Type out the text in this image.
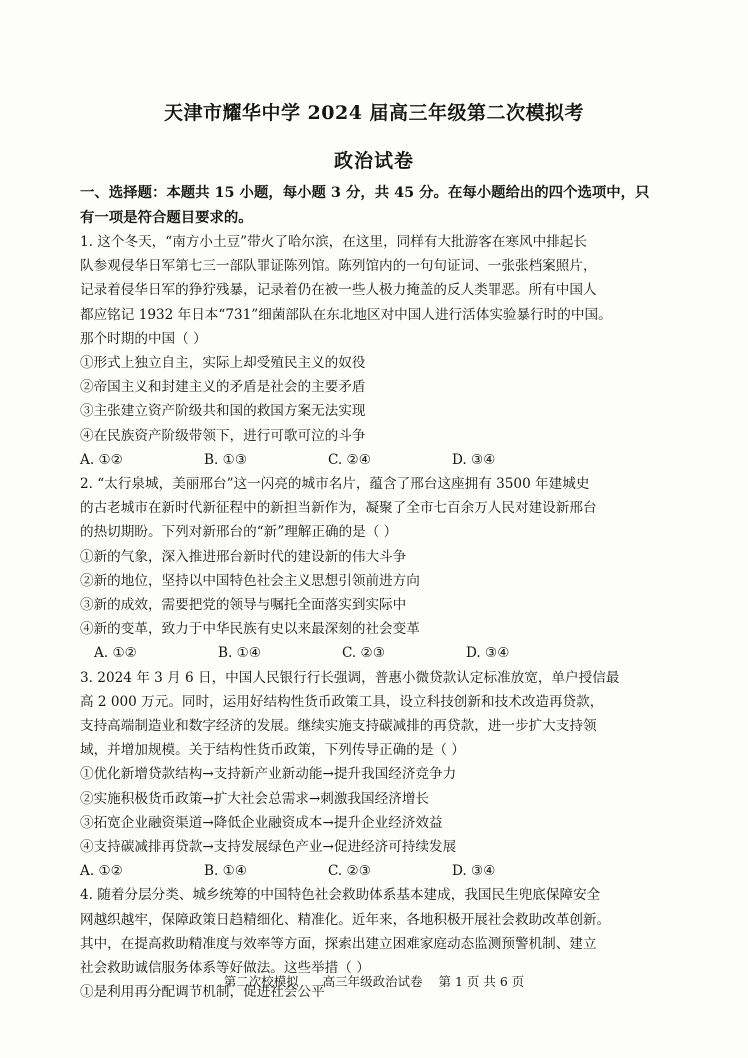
天津市耀华中学 2024 届高三年级第二次模拟考
政治试卷
一、选择题：本题共 15 小题，每小题 3 分，共 45 分。在每小题给出的四个选项中，只
有一项是符合题目要求的。
1. 这个冬天，“南方小土豆”带火了哈尔滨，在这里，同样有大批游客在寒风中排起长
队参观侵华日军第七三一部队罪证陈列馆。陈列馆内的一句句证词、一张张档案照片，
记录着侵华日军的狰狞残暴，记录着仍在被一些人极力掩盖的反人类罪恶。所有中国人
都应铭记 1932 年日本“731”细菌部队在东北地区对中国人进行活体实验暴行时的中国。
那个时期的中国（ ）
①形式上独立自主，实际上却受殖民主义的奴役
②帝国主义和封建主义的矛盾是社会的主要矛盾
③主张建立资产阶级共和国的救国方案无法实现
④在民族资产阶级带领下，进行可歌可泣的斗争
A. ①②	B. ①③	C. ②④	D. ③④
2. “太行泉城，美丽邢台”这一闪亮的城市名片，蕴含了邢台这座拥有 3500 年建城史
的古老城市在新时代新征程中的新担当新作为，凝聚了全市七百余万人民对建设新邢台
的热切期盼。下列对新邢台的“新”理解正确的是（ ）
①新的气象，深入推进邢台新时代的建设新的伟大斗争
②新的地位，坚持以中国特色社会主义思想引领前进方向
③新的成效，需要把党的领导与嘱托全面落实到实际中
④新的变革，致力于中华民族有史以来最深刻的社会变革
A. ①②	B. ①④	C. ②③	D. ③④
3. 2024 年 3 月 6 日，中国人民银行行长强调，普惠小微贷款认定标准放宽，单户授信最
高 2 000 万元。同时，运用好结构性货币政策工具，设立科技创新和技术改造再贷款，
支持高端制造业和数字经济的发展。继续实施支持碳减排的再贷款，进一步扩大支持领
域，并增加规模。关于结构性货币政策，下列传导正确的是（ ）
①优化新增贷款结构→支持新产业新动能→提升我国经济竞争力
②实施积极货币政策→扩大社会总需求→刺激我国经济增长
③拓宽企业融资渠道→降低企业融资成本→提升企业经济效益
④支持碳减排再贷款→支持发展绿色产业→促进经济可持续发展
A. ①②	B. ①④	C. ②③	D. ③④
4. 随着分层分类、城乡统筹的中国特色社会救助体系基本建成，我国民生兜底保障安全
网越织越牢，保障政策日趋精细化、精准化。近年来，各地积极开展社会救助改革创新。
其中，在提高救助精准度与效率等方面，探索出建立困难家庭动态监测预警机制、建立
社会救助诚信服务体系等好做法。这些举措（ ）
①是利用再分配调节机制，促进社会公平
第二次校模拟      高三年级政治试卷    第 1 页 共 6 页
